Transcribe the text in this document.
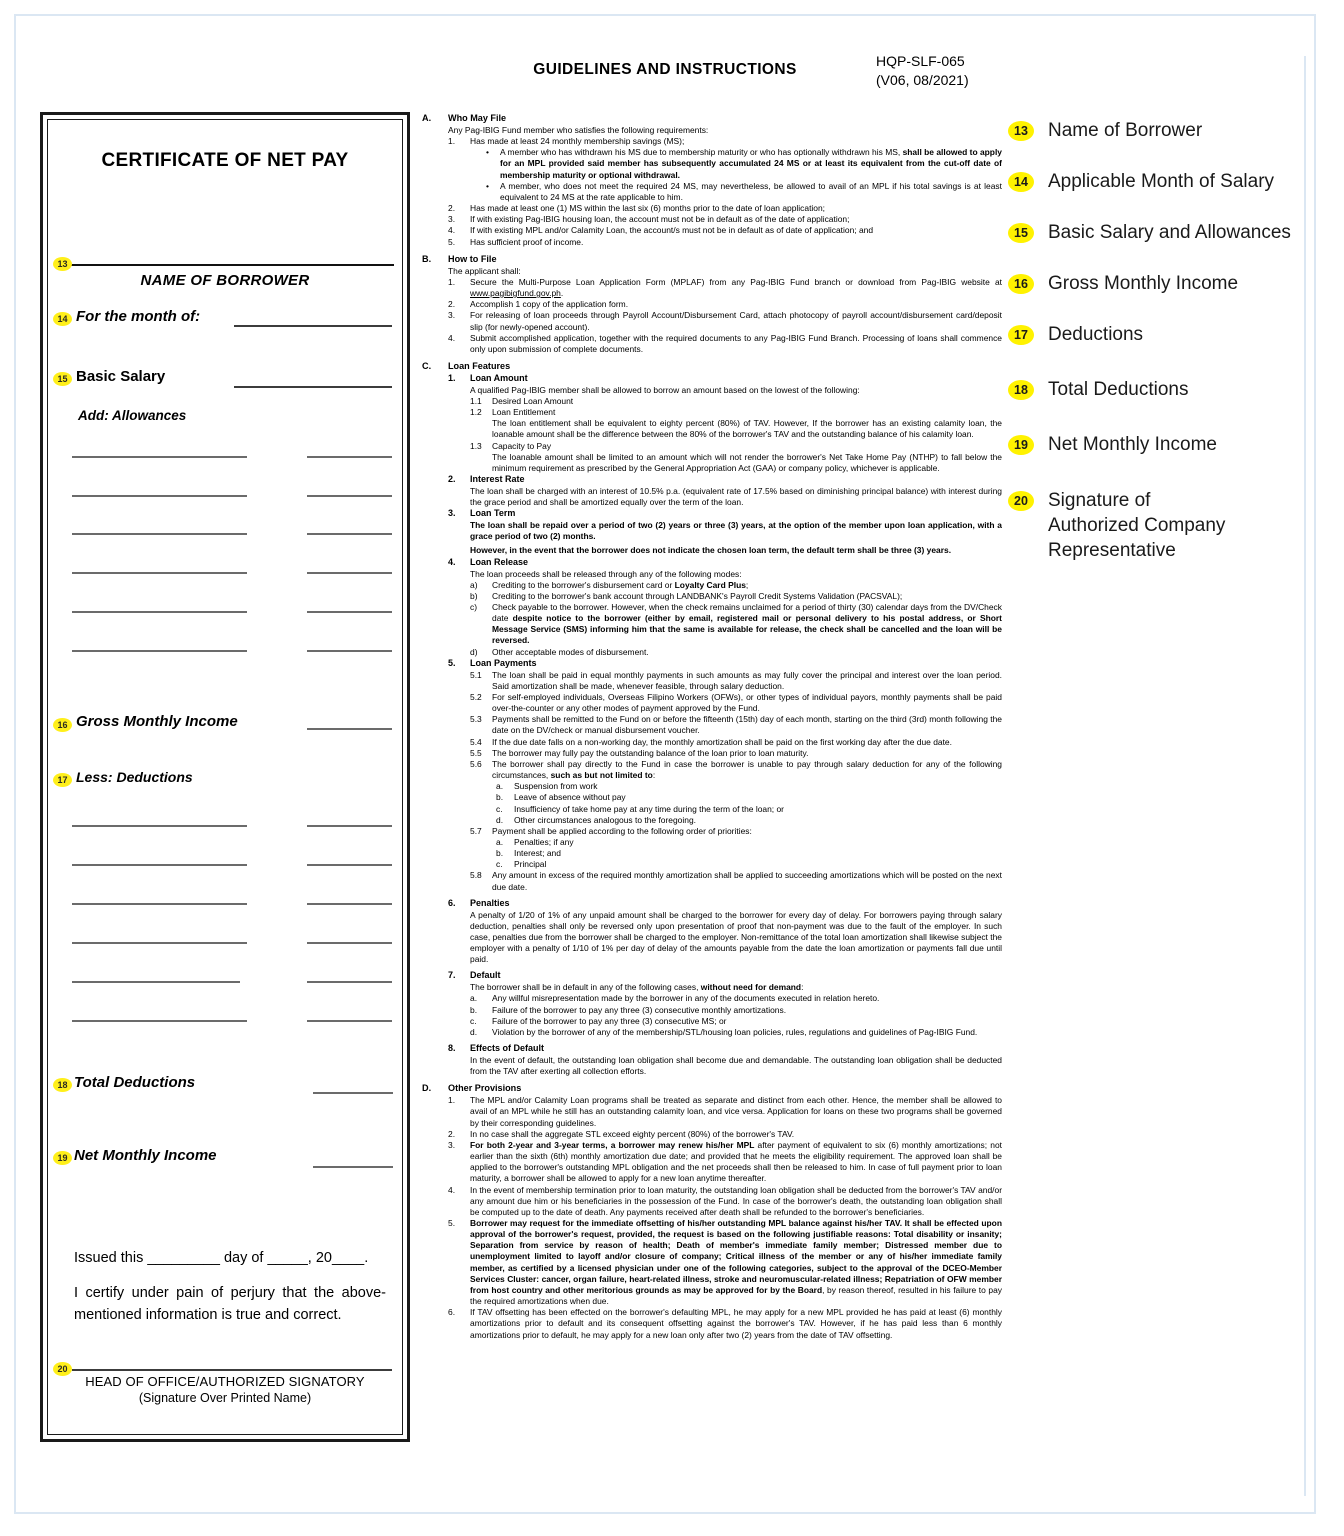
GUIDELINES AND INSTRUCTIONS	HQP-SLF-065
(V06, 08/2021)
CERTIFICATE OF NET PAY
13
NAME OF BORROWER
14 For the month of:
15 Basic Salary
Add: Allowances
16 Gross Monthly Income
17 Less: Deductions
18 Total Deductions
19 Net Monthly Income
Issued this _________ day of _____, 20____.
I certify under pain of perjury that the above-mentioned information is true and correct.
20
HEAD OF OFFICE/AUTHORIZED SIGNATORY
(Signature Over Printed Name)
A.	Who May File
Any Pag-IBIG Fund member who satisfies the following requirements:
1.	Has made at least 24 monthly membership savings (MS);
•	A member who has withdrawn his MS due to membership maturity or who has optionally withdrawn his MS, shall be allowed to apply for an MPL provided said member has subsequently accumulated 24 MS or at least its equivalent from the cut-off date of membership maturity or optional withdrawal.
•	A member, who does not meet the required 24 MS, may nevertheless, be allowed to avail of an MPL if his total savings is at least equivalent to 24 MS at the rate applicable to him.
2.	Has made at least one (1) MS within the last six (6) months prior to the date of loan application;
3.	If with existing Pag-IBIG housing loan, the account must not be in default as of the date of application;
4.	If with existing MPL and/or Calamity Loan, the account/s must not be in default as of date of application; and
5.	Has sufficient proof of income.
B.	How to File
The applicant shall:
1.	Secure the Multi-Purpose Loan Application Form (MPLAF) from any Pag-IBIG Fund branch or download from Pag-IBIG website at www.pagibigfund.gov.ph.
2.	Accomplish 1 copy of the application form.
3.	For releasing of loan proceeds through Payroll Account/Disbursement Card, attach photocopy of payroll account/disbursement card/deposit slip (for newly-opened account).
4.	Submit accomplished application, together with the required documents to any Pag-IBIG Fund Branch. Processing of loans shall commence only upon submission of complete documents.
C.	Loan Features
1.	Loan Amount
A qualified Pag-IBIG member shall be allowed to borrow an amount based on the lowest of the following:
1.1	Desired Loan Amount
1.2	Loan Entitlement
The loan entitlement shall be equivalent to eighty percent (80%) of TAV. However, If the borrower has an existing calamity loan, the loanable amount shall be the difference between the 80% of the borrower's TAV and the outstanding balance of his calamity loan.
1.3	Capacity to Pay
The loanable amount shall be limited to an amount which will not render the borrower's Net Take Home Pay (NTHP) to fall below the minimum requirement as prescribed by the General Appropriation Act (GAA) or company policy, whichever is applicable.
2.	Interest Rate
The loan shall be charged with an interest of 10.5% p.a. (equivalent rate of 17.5% based on diminishing principal balance) with interest during the grace period and shall be amortized equally over the term of the loan.
3.	Loan Term
The loan shall be repaid over a period of two (2) years or three (3) years, at the option of the member upon loan application, with a grace period of two (2) months.
However, in the event that the borrower does not indicate the chosen loan term, the default term shall be three (3) years.
4.	Loan Release
The loan proceeds shall be released through any of the following modes:
a)	Crediting to the borrower's disbursement card or Loyalty Card Plus;
b)	Crediting to the borrower's bank account through LANDBANK's Payroll Credit Systems Validation (PACSVAL);
c)	Check payable to the borrower. However, when the check remains unclaimed for a period of thirty (30) calendar days from the DV/Check date despite notice to the borrower (either by email, registered mail or personal delivery to his postal address, or Short Message Service (SMS) informing him that the same is available for release, the check shall be cancelled and the loan will be reversed.
d)	Other acceptable modes of disbursement.
5.	Loan Payments
5.1	The loan shall be paid in equal monthly payments in such amounts as may fully cover the principal and interest over the loan period. Said amortization shall be made, whenever feasible, through salary deduction.
5.2	For self-employed individuals, Overseas Filipino Workers (OFWs), or other types of individual payors, monthly payments shall be paid over-the-counter or any other modes of payment approved by the Fund.
5.3	Payments shall be remitted to the Fund on or before the fifteenth (15th) day of each month, starting on the third (3rd) month following the date on the DV/check or manual disbursement voucher.
5.4	If the due date falls on a non-working day, the monthly amortization shall be paid on the first working day after the due date.
5.5	The borrower may fully pay the outstanding balance of the loan prior to loan maturity.
5.6	The borrower shall pay directly to the Fund in case the borrower is unable to pay through salary deduction for any of the following circumstances, such as but not limited to:
a.	Suspension from work
b.	Leave of absence without pay
c.	Insufficiency of take home pay at any time during the term of the loan; or
d.	Other circumstances analogous to the foregoing.
5.7	Payment shall be applied according to the following order of priorities:
a.	Penalties; if any
b.	Interest; and
c.	Principal
5.8	Any amount in excess of the required monthly amortization shall be applied to succeeding amortizations which will be posted on the next due date.
6.	Penalties
A penalty of 1/20 of 1% of any unpaid amount shall be charged to the borrower for every day of delay. For borrowers paying through salary deduction, penalties shall only be reversed only upon presentation of proof that non-payment was due to the fault of the employer. In such case, penalties due from the borrower shall be charged to the employer. Non-remittance of the total loan amortization shall likewise subject the employer with a penalty of 1/10 of 1% per day of delay of the amounts payable from the date the loan amortization or payments fall due until paid.
7.	Default
The borrower shall be in default in any of the following cases, without need for demand:
a.	Any willful misrepresentation made by the borrower in any of the documents executed in relation hereto.
b.	Failure of the borrower to pay any three (3) consecutive monthly amortizations.
c.	Failure of the borrower to pay any three (3) consecutive MS; or
d.	Violation by the borrower of any of the membership/STL/housing loan policies, rules, regulations and guidelines of Pag-IBIG Fund.
8.	Effects of Default
In the event of default, the outstanding loan obligation shall become due and demandable. The outstanding loan obligation shall be deducted from the TAV after exerting all collection efforts.
D.	Other Provisions
1.	The MPL and/or Calamity Loan programs shall be treated as separate and distinct from each other. Hence, the member shall be allowed to avail of an MPL while he still has an outstanding calamity loan, and vice versa. Application for loans on these two programs shall be governed by their corresponding guidelines.
2.	In no case shall the aggregate STL exceed eighty percent (80%) of the borrower's TAV.
3.	For both 2-year and 3-year terms, a borrower may renew his/her MPL after payment of equivalent to six (6) monthly amortizations; not earlier than the sixth (6th) monthly amortization due date; and provided that he meets the eligibility requirement. The approved loan shall be applied to the borrower's outstanding MPL obligation and the net proceeds shall then be released to him. In case of full payment prior to loan maturity, a borrower shall be allowed to apply for a new loan anytime thereafter.
4.	In the event of membership termination prior to loan maturity, the outstanding loan obligation shall be deducted from the borrower's TAV and/or any amount due him or his beneficiaries in the possession of the Fund. In case of the borrower's death, the outstanding loan obligation shall be computed up to the date of death. Any payments received after death shall be refunded to the borrower's beneficiaries.
5.	Borrower may request for the immediate offsetting of his/her outstanding MPL balance against his/her TAV. It shall be effected upon approval of the borrower's request, provided, the request is based on the following justifiable reasons: Total disability or insanity; Separation from service by reason of health; Death of member's immediate family member; Distressed member due to unemployment limited to layoff and/or closure of company; Critical illness of the member or any of his/her immediate family member, as certified by a licensed physician under one of the following categories, subject to the approval of the DCEO-Member Services Cluster: cancer, organ failure, heart-related illness, stroke and neuromuscular-related illness; Repatriation of OFW member from host country and other meritorious grounds as may be approved for by the Board, by reason thereof, resulted in his failure to pay the required amortizations when due.
6.	If TAV offsetting has been effected on the borrower's defaulting MPL, he may apply for a new MPL provided he has paid at least (6) monthly amortizations prior to default and its consequent offsetting against the borrower's TAV. However, if he has paid less than 6 monthly amortizations prior to default, he may apply for a new loan only after two (2) years from the date of TAV offsetting.
13	Name of Borrower
14	Applicable Month of Salary
15	Basic Salary and Allowances
16	Gross Monthly Income
17	Deductions
18	Total Deductions
19	Net Monthly Income
20	Signature of Authorized Company Representative
